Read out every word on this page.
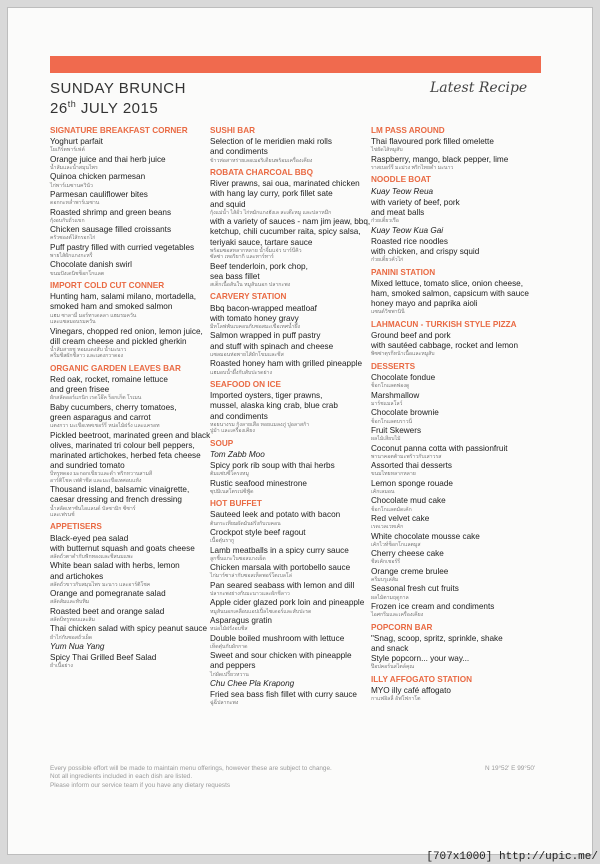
SUNDAY BRUNCH
26th JULY 2015
Latest Recipe
SIGNATURE BREAKFAST CORNER
Yoghurt parfait
โยเกิร์ตพาร์เฟต์
Orange juice and thai herb juice
น้ำส้มและน้ำสมุนไพร
Quinoa chicken parmesan
ไก่พาร์เมซานควินัว
Parmesan cauliflower bites
ดอกกะหล่ำพาร์เมซาน
Roasted shrimp and green beans
กุ้งอบกับถั่วแขก
Chicken sausage filled croissants
ครัวซองต์ไส้กรอกไก่
Puff pastry filled with curried vegetables
พายไส้ผักแกงกะหรี่
Chocolate danish swirl
ขนมปังเดนิชช็อกโกแลต
IMPORT COLD CUT CONNER
Hunting ham, salami milano, mortadella,
smoked ham and smoked salmon
แฮม ซาลามี่ มอร์ทาเดลลา แฮมรมควัน
และแซลมอนรมควัน
Vinegars, chopped red onion, lemon juice,
dill cream cheese and pickled gherkin
น้ำส้มสายชู หอมแดงสับ น้ำมะนาว
ครีมชีสผักชีลาว และแตงกวาดอง
ORGANIC GARDEN LEAVES BAR
Red oak, rocket, romaine lettuce
and green frisee
ผักสลัดออร์แกนิก เรดโอ๊ค ร็อกเก็ต โรเมน
Baby cucumbers, cherry tomatoes,
green asparagus and carrot
แตงกวา มะเขือเทศเชอร์รี่ หน่อไม้ฝรั่ง และแครอท
Pickled beetroot, marinated green and black
olives, marinated tri colour bell peppers,
marinated artichokes, herbed feta cheese
and sundried tomato
บีทรูทดอง มะกอกเขียวและดำ พริกหวานสามสี
อาร์ติโชค เฟต้าชีส และมะเขือเทศอบแห้ง
Thousand island, balsamic vinaigrette,
caesar dressing and french dressing
น้ำสลัดเทาซันไอแลนด์ บัลซามิก ซีซาร์
และเฟรนช์
APPETISERS
Black-eyed pea salad
with butternut squash and goats cheese
สลัดถั่วตาดำกับฟักทองและชีสนมแพะ
White bean salad with herbs, lemon
and artichokes
สลัดถั่วขาวกับสมุนไพร มะนาว และอาร์ติโชค
Orange and pomegranate salad
สลัดส้มและทับทิม
Roasted beet and orange salad
สลัดบีทรูทอบและส้ม
Thai chicken salad with spicy peanut sauce
ยำไก่กับซอสถั่วเผ็ด
Yum Nua Yang
Spicy Thai Grilled Beef Salad
ยำเนื้อย่าง
SUSHI BAR
Selection of le meridien maki rolls
and condiments
ข้าวห่อสาหร่ายเลอเมอริเดียนพร้อมเครื่องเคียง
ROBATA CHARCOAL BBQ
River prawns, sai oua, marinated chicken
with hang lay curry, pork fillet sate
and squid
กุ้งแม่น้ำ ไส้อั่ว ไก่หมักแกงฮังเล สะเต๊ะหมู และปลาหมึก
with a variety of sauces - nam jim jeaw, bbq,
ketchup, chili cucumber raita, spicy salsa,
teriyaki sauce, tartare sauce
พร้อมซอสหลากหลาย น้ำจิ้มแจ่ว บาร์บีคิว
ซัลซ่า เทอริยากิ และทาร์ทาร์
Beef tenderloin, pork chop,
sea bass fillet
สเต็กเนื้อสันใน หมูสันนอก ปลากะพง
CARVERY STATION
Bbq bacon-wrapped meatloaf
with tomato honey gravy
มีทโลฟพันเบคอนกับซอสมะเขือเทศน้ำผึ้ง
Salmon wrapped in puff pastry
and stuff with spinach and cheese
แซลมอนห่อพายไส้ผักโขมและชีส
Roasted honey ham with grilled pineapple
แฮมอบน้ำผึ้งกับสับปะรดย่าง
SEAFOOD ON ICE
Imported oysters, tiger prawns,
mussel, alaska king crab, blue crab
and condiments
หอยนางรม กุ้งลายเสือ หอยแมลงภู่ ปูอลาสก้า
ปูม้า และเครื่องเคียง
SOUP
Tom Zabb Moo
Spicy pork rib soup with thai herbs
ต้มแซ่บซี่โครงหมู
Rustic seafood minestrone
ซุปมิเนสโตรเน่ซีฟู้ด
HOT BUFFET
Sauteed leek and potato with bacon
ต้นกระเทียมผัดมันฝรั่งกับเบคอน
Crockpot style beef ragout
เนื้อตุ๋นรากู
Lamb meatballs in a spicy curry sauce
ลูกชิ้นแกะในซอสแกงเผ็ด
Chicken marsala with portobello sauce
ไก่มาร์ซาล่ากับซอสเห็ดพอร์โตเบลโล่
Pan seared seabass with lemon and dill
ปลากะพงย่างกับมะนาวและผักชีลาว
Apple cider glazed pork loin and pineapple
หมูสันนอกเคลือบแอปเปิ้ลไซเดอร์และสับปะรด
Asparagus gratin
หน่อไม้ฝรั่งอบชีส
Double boiled mushroom with lettuce
เห็ดตุ๋นกับผักกาด
Sweet and sour chicken with pineapple
and peppers
ไก่ผัดเปรี้ยวหวาน
Chu Chee Pla Krapong
Fried sea bass fish fillet with curry sauce
ฉู่ฉี่ปลากะพง
LM PASS AROUND
Thai flavoured pork filled omelette
ไข่ยัดไส้หมูสับ
Raspberry, mango, black pepper, lime
ราสเบอร์รี่ มะม่วง พริกไทยดำ มะนาว
NOODLE BOAT
Kuay Teow Reua
with variety of beef, pork
and meat balls
ก๋วยเตี๋ยวเรือ
Kuay Teow Kua Gai
Roasted rice noodles
with chicken, and crispy squid
ก๋วยเตี๋ยวคั่วไก่
PANINI STATION
Mixed lettuce, tomato slice, onion cheese,
ham, smoked salmon, capsicum with sauce
honey mayo and paprika aioli
แซนด์วิชพานินี
LAHMACUN - TURKISH STYLE PIZZA
Ground beef and pork
with sautéed cabbage, rocket and lemon
พิซซ่าตุรกีหน้าเนื้อและหมูสับ
DESSERTS
Chocolate fondue
ช็อกโกแลตฟองดู
Marshmallow
มาร์ชแมลโลว์
Chocolate brownie
ช็อกโกแลตบราวนี่
Fruit Skewers
ผลไม้เสียบไม้
Coconut panna cotta with passionfruit
พานาคอตต้ามะพร้าวกับเสาวรส
Assorted thai desserts
ขนมไทยหลากหลาย
Lemon sponge rouade
เค้กเลมอน
Chocolate mud cake
ช็อกโกแลตมัดเค้ก
Red velvet cake
เรดเวลเวทเค้ก
White chocolate mousse cake
เค้กไวท์ช็อกโกแลตมูส
Cherry cheese cake
ชีสเค้กเชอร์รี่
Orange creme brulee
ครีมบรูเล่ส้ม
Seasonal fresh cut fruits
ผลไม้ตามฤดูกาล
Frozen ice cream and condiments
ไอศกรีมและเครื่องเคียง
POPCORN BAR
"Snag, scoop, spritz, sprinkle, shake
and snack
Style popcorn... your way...
ป๊อปคอร์นสไตล์คุณ
ILLY AFFOGATO STATION
MYO illy café affogato
กาแฟอิลลี่ อัฟโฟกาโต
Every possible effort will be made to maintain menu offerings, however these are subject to change.
Not all ingredients included in each dish are listed.
Please inform our service team if you have any dietary requests
N 19°52' E 99°50'
[707x1000] http://upic.me/
